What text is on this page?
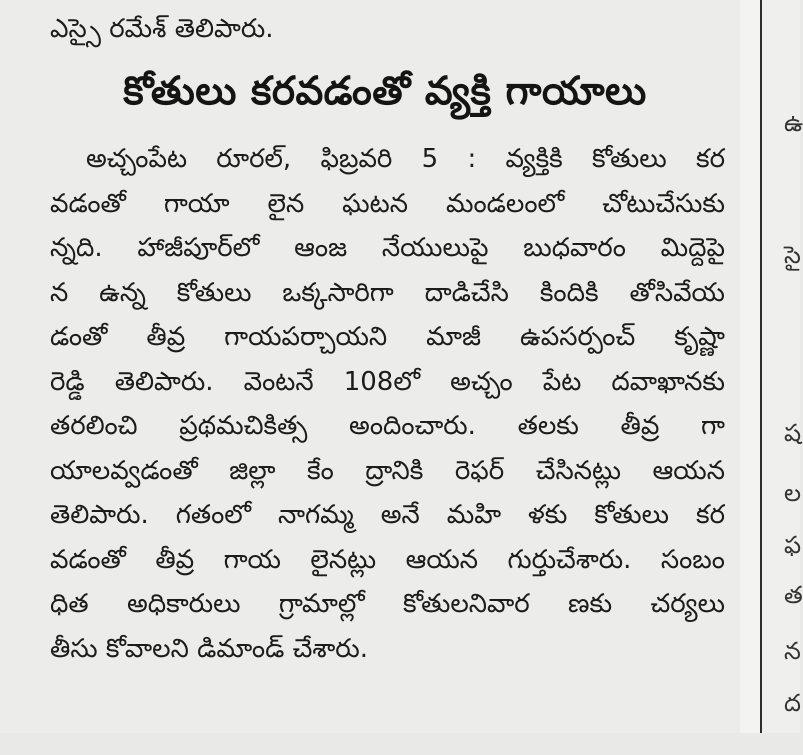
ఎస్సై రమేశ్ తెలిపారు.
కోతులు కరవడంతో వ్యక్తి గాయాలు
అచ్చంపేట రూరల్, ఫిబ్రవరి 5 : వ్యక్తికి కోతులు కర
వడంతో గాయా లైన ఘటన మండలంలో చోటుచేసుకు
న్నది. హాజీపూర్‌లో ఆంజ నేయులుపై బుధవారం మిద్దెపై
న ఉన్న కోతులు ఒక్కసారిగా దాడిచేసి కిందికి తోసివేయ
డంతో తీవ్ర గాయపర్చాయని మాజీ ఉపసర్పంచ్ కృష్ణా
రెడ్డి తెలిపారు. వెంటనే 108లో అచ్చం పేట దవాఖానకు
తరలించి ప్రథమచికిత్స అందించారు. తలకు తీవ్ర గా
యాలవ్వడంతో జిల్లా కేం ద్రానికి రెఫర్ చేసినట్లు ఆయన
తెలిపారు. గతంలో నాగమ్మ అనే మహి ళకు కోతులు కర
వడంతో తీవ్ర గాయ లైనట్లు ఆయన గుర్తుచేశారు. సంబం
ధిత అధికారులు గ్రామాల్లో కోతులనివార ణకు చర్యలు
తీసు కోవాలని డిమాండ్ చేశారు.

ఉ
సై
ష
ల
ఫ
త
న
ద
